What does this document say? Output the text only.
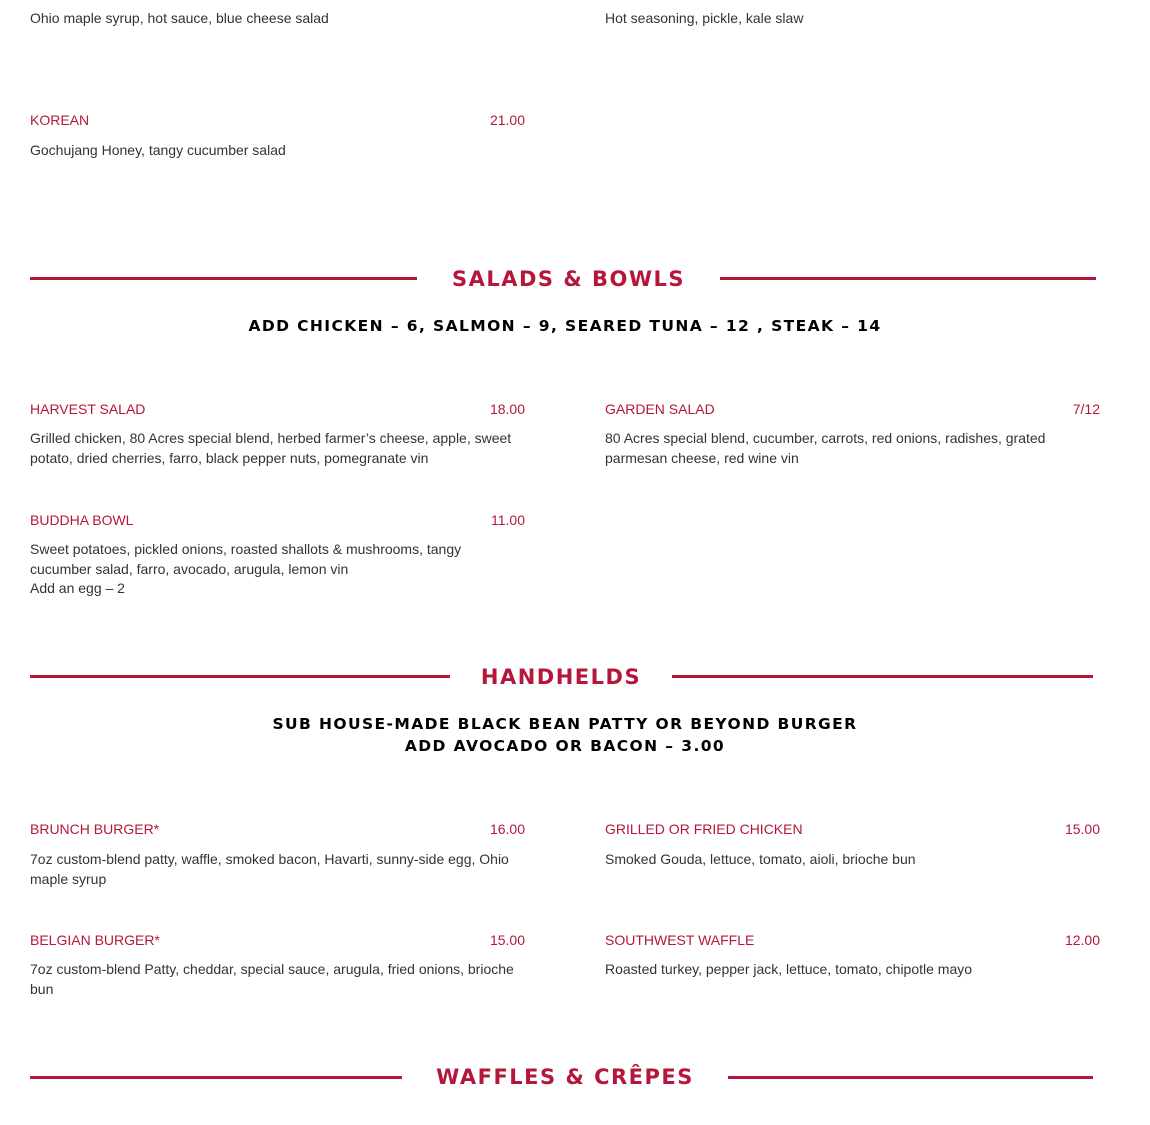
Ohio maple syrup, hot sauce, blue cheese salad	Hot seasoning, pickle, kale slaw
KOREAN	21.00
Gochujang Honey, tangy cucumber salad
SALADS & BOWLS
ADD CHICKEN – 6, SALMON – 9, SEARED TUNA – 12 , STEAK – 14
HARVEST SALAD	18.00
Grilled chicken, 80 Acres special blend, herbed farmer’s cheese, apple, sweet potato, dried cherries, farro, black pepper nuts, pomegranate vin
GARDEN SALAD	7/12
80 Acres special blend, cucumber, carrots, red onions, radishes, grated parmesan cheese, red wine vin
BUDDHA BOWL	11.00
Sweet potatoes, pickled onions, roasted shallots & mushrooms, tangy cucumber salad, farro, avocado, arugula, lemon vin
Add an egg – 2
HANDHELDS
SUB HOUSE-MADE BLACK BEAN PATTY OR BEYOND BURGER
ADD AVOCADO OR BACON – 3.00
BRUNCH BURGER*	16.00
7oz custom-blend patty, waffle, smoked bacon, Havarti, sunny-side egg, Ohio maple syrup
GRILLED OR FRIED CHICKEN	15.00
Smoked Gouda, lettuce, tomato, aioli, brioche bun
BELGIAN BURGER*	15.00
7oz custom-blend Patty, cheddar, special sauce, arugula, fried onions, brioche bun
SOUTHWEST WAFFLE	12.00
Roasted turkey, pepper jack, lettuce, tomato, chipotle mayo
WAFFLES & CRÊPES
